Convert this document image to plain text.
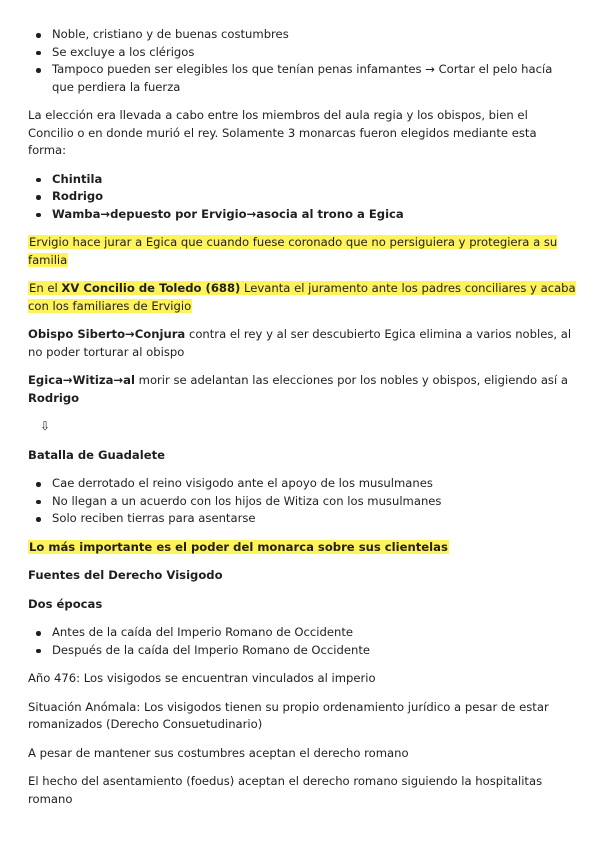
Noble, cristiano y de buenas costumbres
Se excluye a los clérigos
Tampoco pueden ser elegibles los que tenían penas infamantes → Cortar el pelo hacía que perdiera la fuerza

La elección era llevada a cabo entre los miembros del aula regia y los obispos, bien el Concilio o en donde murió el rey. Solamente 3 monarcas fueron elegidos mediante esta forma:

Chintila
Rodrigo
Wamba→depuesto por Ervigio→asocia al trono a Egica

Ervigio hace jurar a Egica que cuando fuese coronado que no persiguiera y protegiera a su familia

En el XV Concilio de Toledo (688) Levanta el juramento ante los padres conciliares y acaba con los familiares de Ervigio

Obispo Siberto→Conjura contra el rey y al ser descubierto Egica elimina a varios nobles, al no poder torturar al obispo

Egica→Witiza→al morir se adelantan las elecciones por los nobles y obispos, eligiendo así a Rodrigo

⇩

Batalla de Guadalete

Cae derrotado el reino visigodo ante el apoyo de los musulmanes
No llegan a un acuerdo con los hijos de Witiza con los musulmanes
Solo reciben tierras para asentarse

Lo más importante es el poder del monarca sobre sus clientelas

Fuentes del Derecho Visigodo

Dos épocas

Antes de la caída del Imperio Romano de Occidente
Después de la caída del Imperio Romano de Occidente

Año 476: Los visigodos se encuentran vinculados al imperio

Situación Anómala: Los visigodos tienen su propio ordenamiento jurídico a pesar de estar romanizados (Derecho Consuetudinario)

A pesar de mantener sus costumbres aceptan el derecho romano

El hecho del asentamiento (foedus) aceptan el derecho romano siguiendo la hospitalitas romano
